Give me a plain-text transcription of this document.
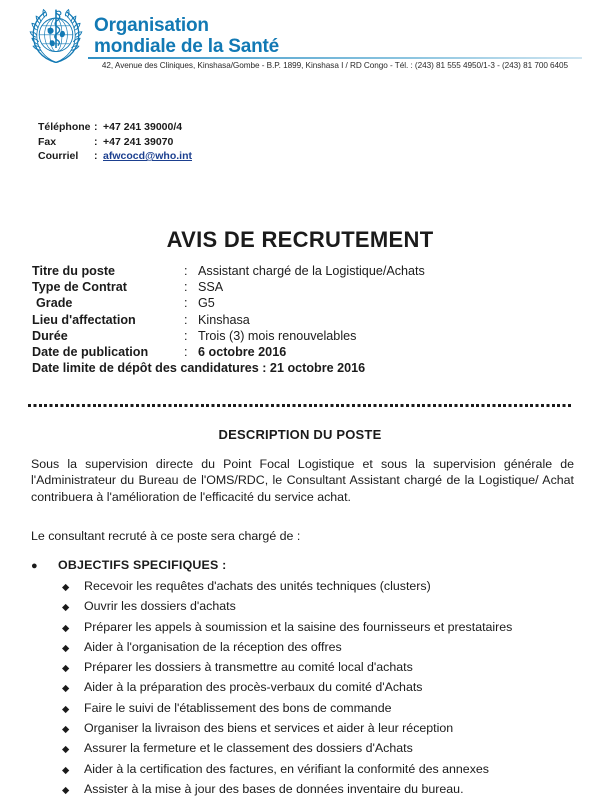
Organisation
mondiale de la Santé
42, Avenue des Cliniques, Kinshasa/Gombe - B.P. 1899, Kinshasa I / RD Congo - Tél. : (243) 81 555 4950/1-3 - (243) 81 700 6405
Téléphone : +47 241 39000/4
Fax	: +47 241 39070
Courriel	: afwcocd@who.int
AVIS DE RECRUTEMENT
Titre du poste	: Assistant chargé de la Logistique/Achats
Type de Contrat	: SSA
Grade	: G5
Lieu d'affectation	: Kinshasa
Durée	: Trois (3) mois renouvelables
Date de publication	: 6 octobre 2016
Date limite de dépôt des candidatures : 21 octobre 2016
DESCRIPTION DU POSTE
Sous la supervision directe du Point Focal Logistique et sous la supervision générale de l'Administrateur du Bureau de l'OMS/RDC, le Consultant Assistant chargé de la Logistique/ Achat contribuera à l'amélioration de l'efficacité du service achat.
Le consultant recruté à ce poste sera chargé de :
●	OBJECTIFS SPECIFIQUES :
◆	Recevoir les requêtes d'achats des unités techniques (clusters)
◆	Ouvrir les dossiers d'achats
◆	Préparer les appels à soumission et la saisine des fournisseurs et prestataires
◆	Aider à l'organisation de la réception des offres
◆	Préparer les dossiers à transmettre au comité local d'achats
◆	Aider à la préparation des procès-verbaux du comité d'Achats
◆	Faire le suivi de l'établissement des bons de commande
◆	Organiser la livraison des biens et services et aider à leur réception
◆	Assurer la fermeture et le classement des dossiers d'Achats
◆	Aider à la certification des factures, en vérifiant la conformité des annexes
◆	Assister à la mise à jour des bases de données inventaire du bureau.
